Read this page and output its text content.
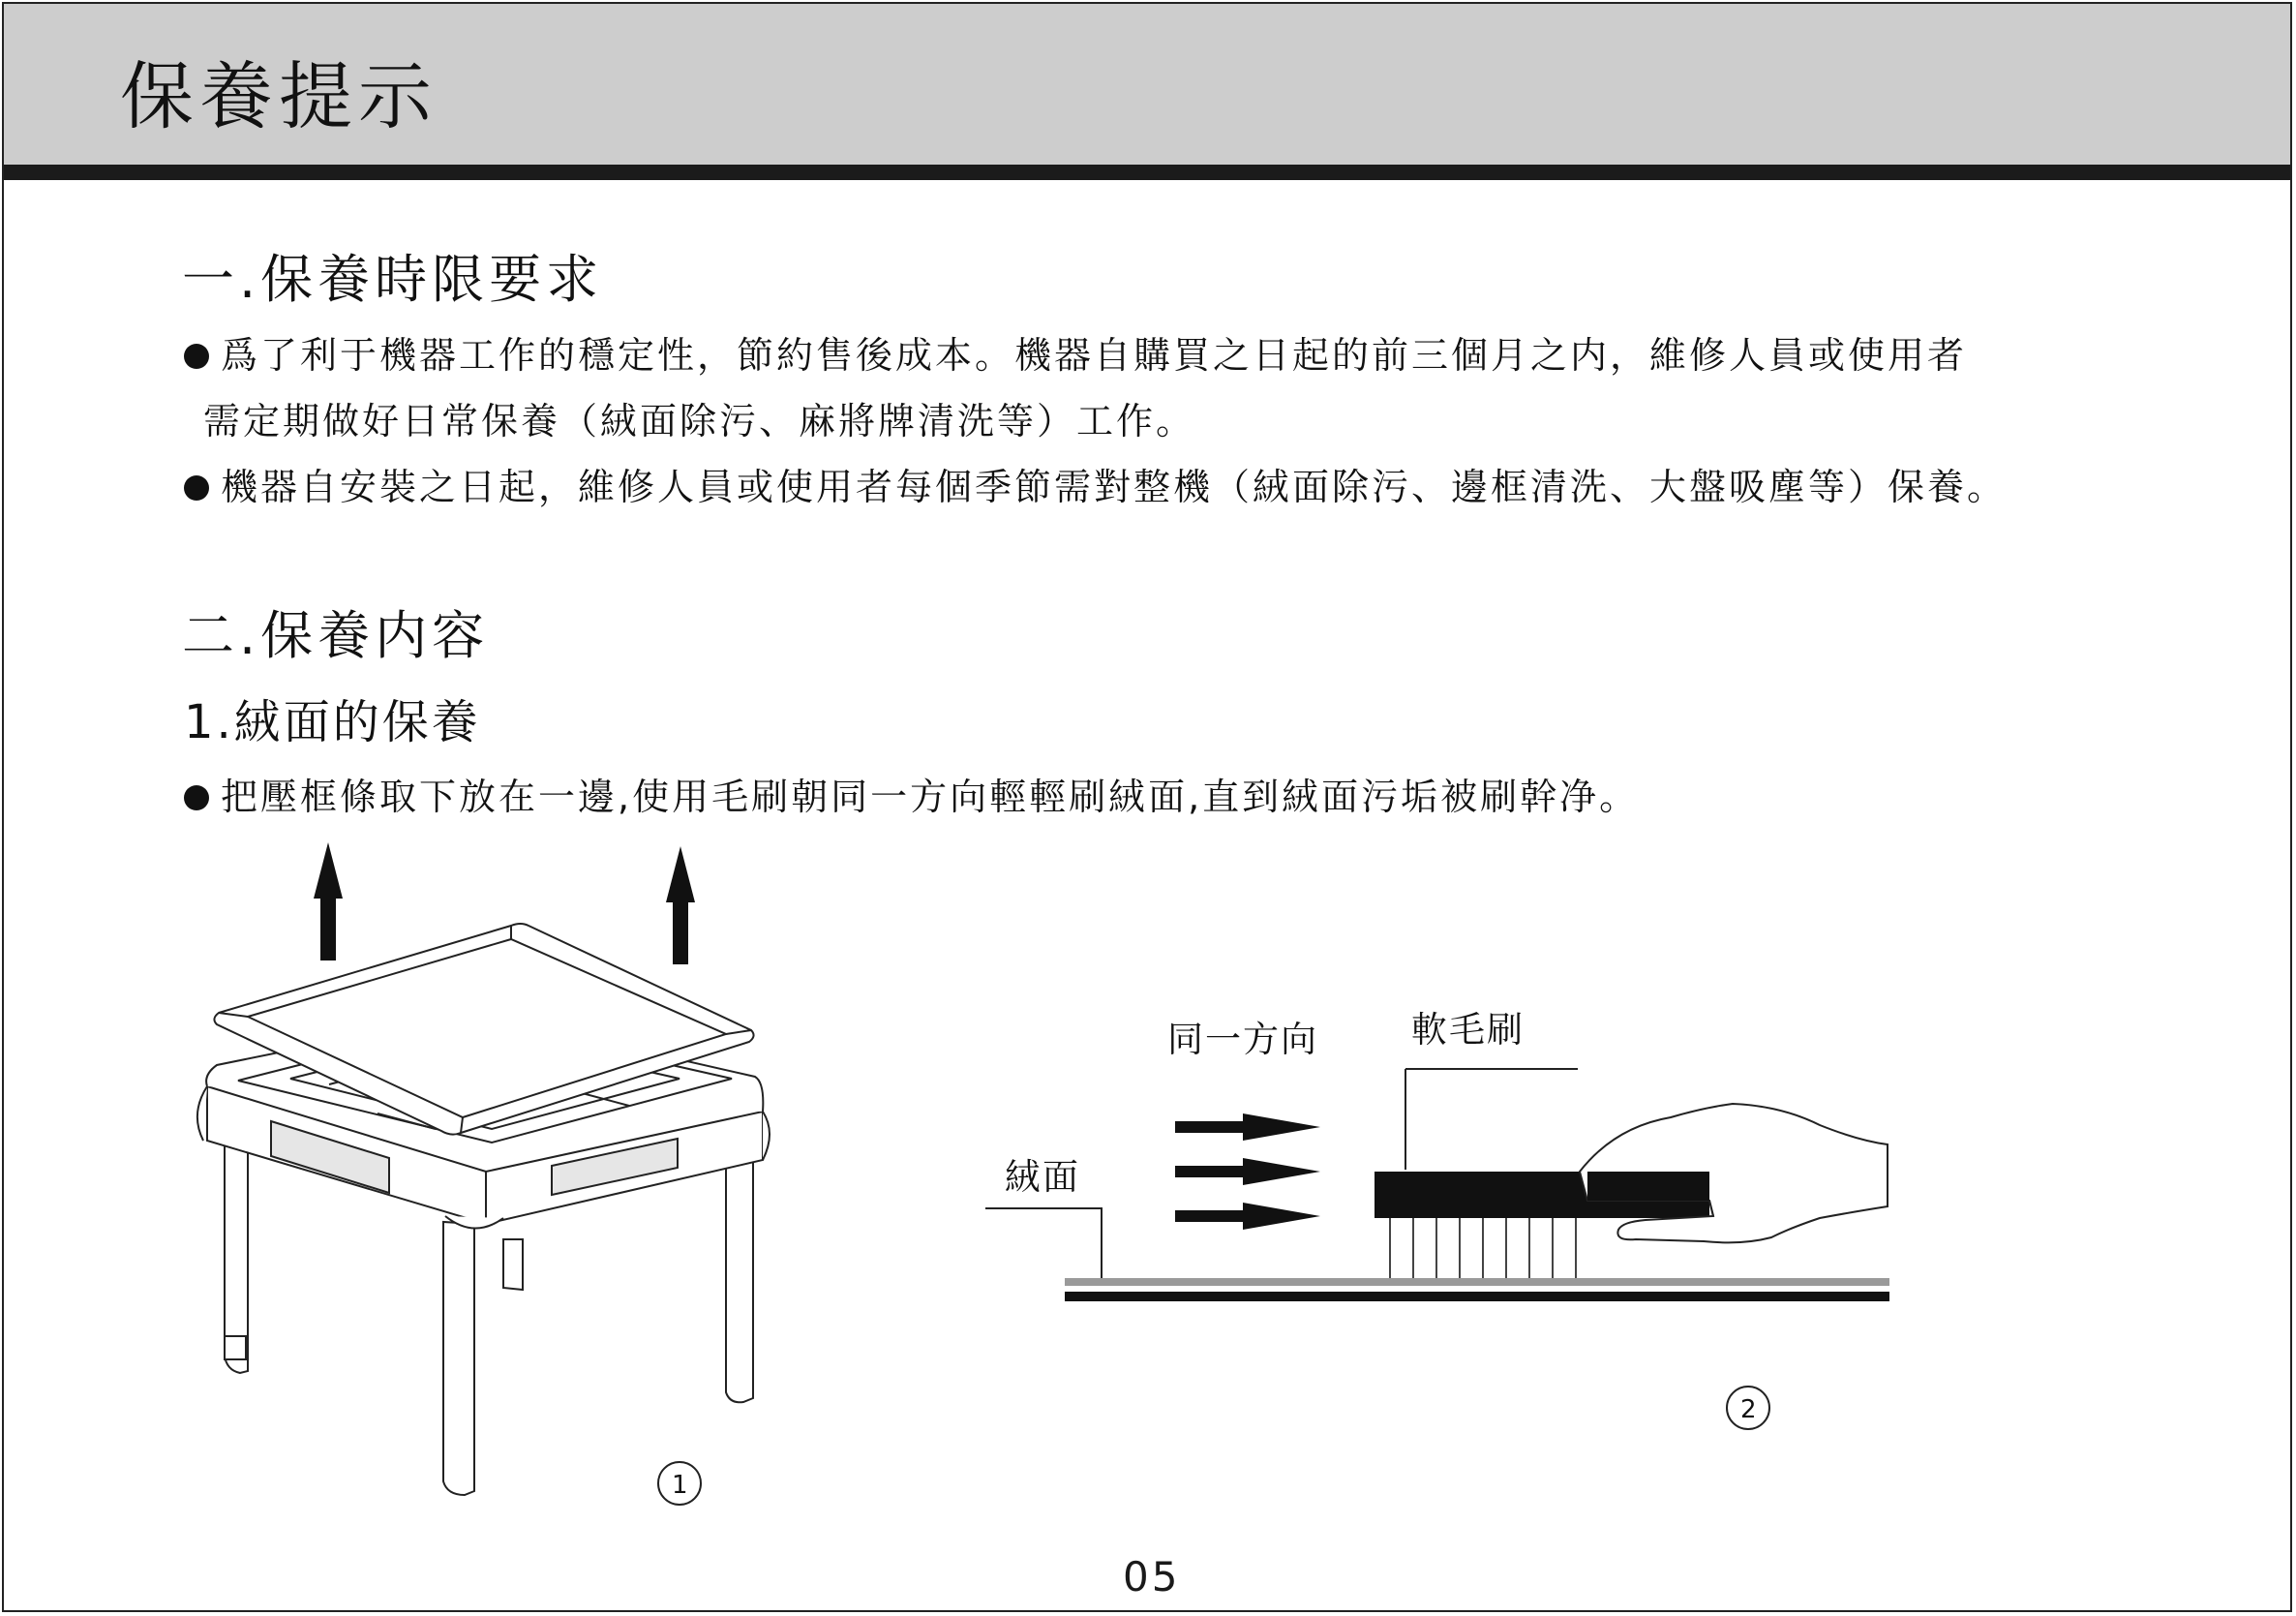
保養提示
一.保養時限要求
爲了利于機器工作的穩定性，節約售後成本。機器自購買之日起的前三個月之内，維修人員或使用者
需定期做好日常保養（絨面除污、麻將牌清洗等）工作。
機器自安裝之日起，維修人員或使用者每個季節需對整機（絨面除污、邊框清洗、大盤吸塵等）保養。
二.保養内容
1.絨面的保養
把壓框條取下放在一邊,使用毛刷朝同一方向輕輕刷絨面,直到絨面污垢被刷幹净。
1
同一方向	軟毛刷
絨面
2
05
